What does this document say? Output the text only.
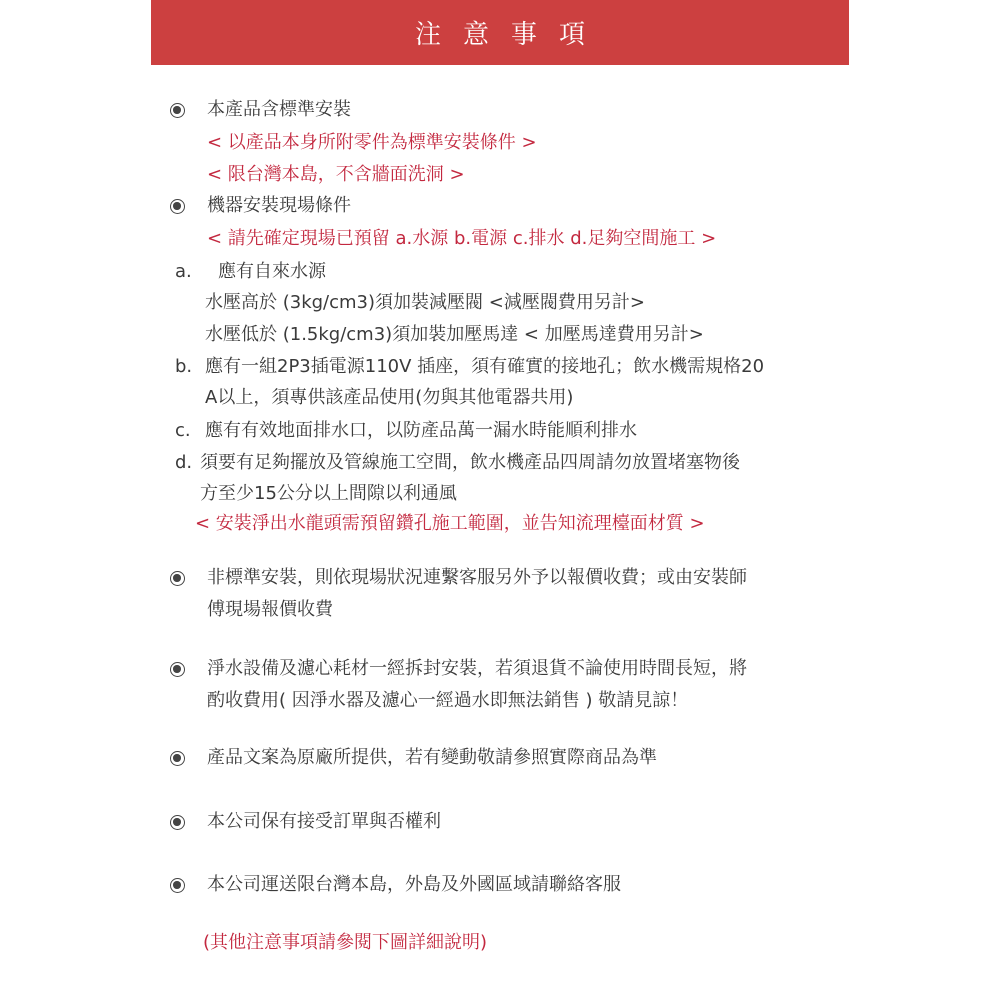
注意事項
本產品含標準安裝
< 以產品本身所附零件為標準安裝條件 >
< 限台灣本島，不含牆面洗洞 >
機器安裝現場條件
< 請先確定現場已預留 a.水源 b.電源 c.排水 d.足夠空間施工 >
a. 應有自來水源
水壓高於 (3kg/cm3)須加裝減壓閥 <減壓閥費用另計>
水壓低於 (1.5kg/cm3)須加裝加壓馬達 < 加壓馬達費用另計>
b. 應有一組2P3插電源110V 插座，須有確實的接地孔；飲水機需規格20
A以上，須專供該產品使用(勿與其他電器共用)
c. 應有有效地面排水口，以防產品萬一漏水時能順利排水
d. 須要有足夠擺放及管線施工空間，飲水機產品四周請勿放置堵塞物後
方至少15公分以上間隙以利通風
< 安裝淨出水龍頭需預留鑽孔施工範圍，並告知流理檯面材質 >
非標準安裝，則依現場狀況連繫客服另外予以報價收費；或由安裝師
傅現場報價收費
淨水設備及濾心耗材一經拆封安裝，若須退貨不論使用時間長短，將
酌收費用( 因淨水器及濾心一經過水即無法銷售 ) 敬請見諒！
產品文案為原廠所提供，若有變動敬請參照實際商品為準
本公司保有接受訂單與否權利
本公司運送限台灣本島，外島及外國區域請聯絡客服
(其他注意事項請參閱下圖詳細說明)
